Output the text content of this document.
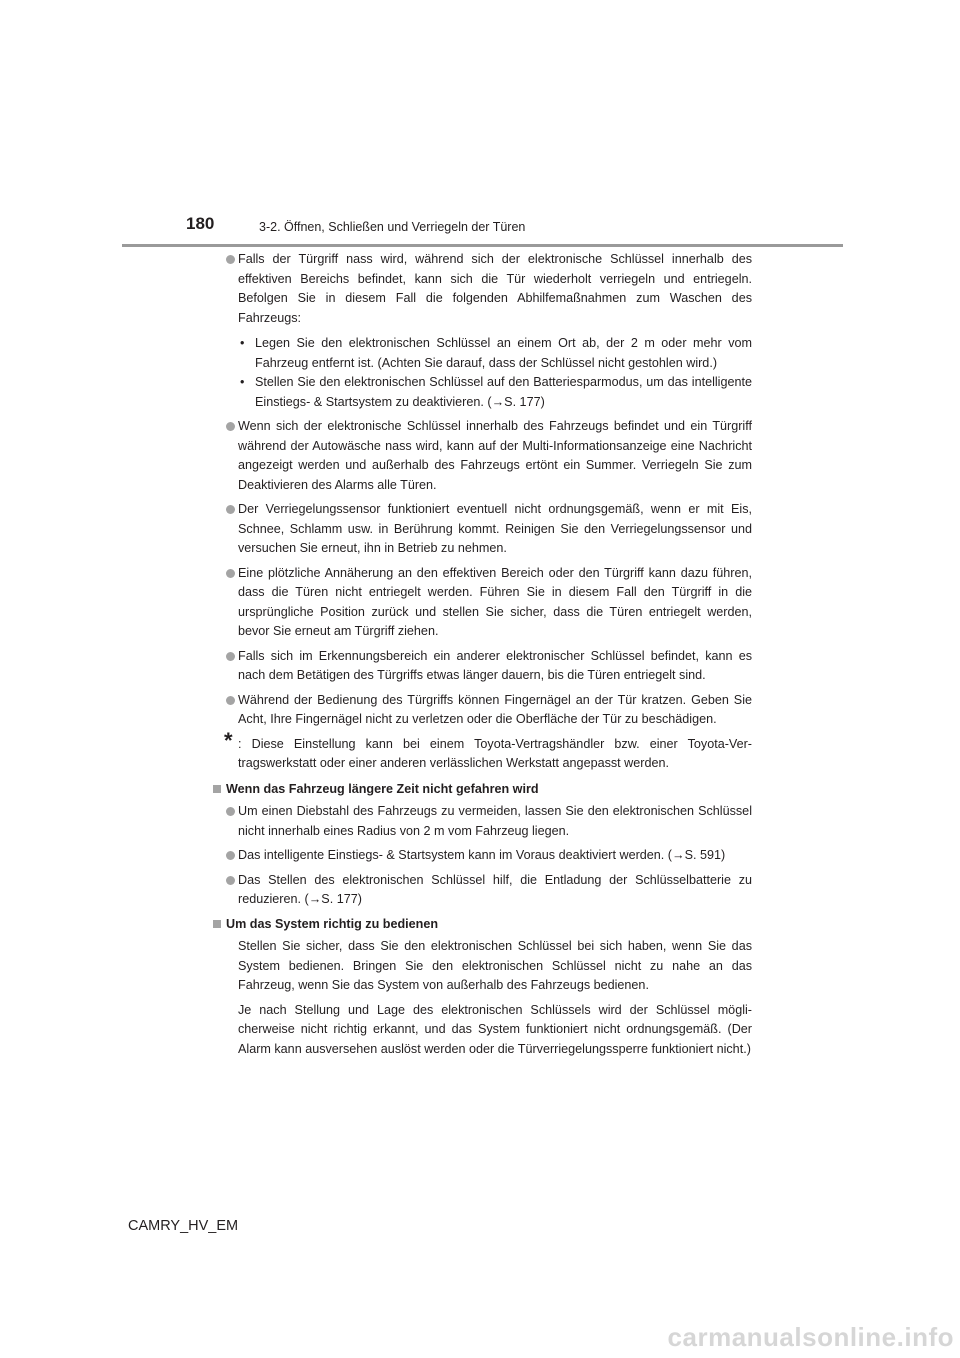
180	3-2. Öffnen, Schließen und Verriegeln der Türen
Falls der Türgriff nass wird, während sich der elektronische Schlüssel innerhalb des effektiven Bereichs befindet, kann sich die Tür wiederholt verriegeln und entriegeln. Befolgen Sie in diesem Fall die folgenden Abhilfemaßnahmen zum Waschen des Fahrzeugs:
• Legen Sie den elektronischen Schlüssel an einem Ort ab, der 2 m oder mehr vom Fahrzeug entfernt ist. (Achten Sie darauf, dass der Schlüssel nicht gestohlen wird.)
• Stellen Sie den elektronischen Schlüssel auf den Batteriesparmodus, um das intelligente Einstiegs- & Startsystem zu deaktivieren. (→S. 177)
Wenn sich der elektronische Schlüssel innerhalb des Fahrzeugs befindet und ein Türgriff während der Autowäsche nass wird, kann auf der Multi-Informationsanzeige eine Nachricht angezeigt werden und außerhalb des Fahrzeugs ertönt ein Summer. Verriegeln Sie zum Deaktivieren des Alarms alle Türen.
Der Verriegelungssensor funktioniert eventuell nicht ordnungsgemäß, wenn er mit Eis, Schnee, Schlamm usw. in Berührung kommt. Reinigen Sie den Verriegelungssensor und versuchen Sie erneut, ihn in Betrieb zu nehmen.
Eine plötzliche Annäherung an den effektiven Bereich oder den Türgriff kann dazu führen, dass die Türen nicht entriegelt werden. Führen Sie in diesem Fall den Türgriff in die ursprüngliche Position zurück und stellen Sie sicher, dass die Türen entriegelt werden, bevor Sie erneut am Türgriff ziehen.
Falls sich im Erkennungsbereich ein anderer elektronischer Schlüssel befindet, kann es nach dem Betätigen des Türgriffs etwas länger dauern, bis die Türen entriegelt sind.
Während der Bedienung des Türgriffs können Fingernägel an der Tür kratzen. Geben Sie Acht, Ihre Fingernägel nicht zu verletzen oder die Oberfläche der Tür zu beschädigen.
* : Diese Einstellung kann bei einem Toyota-Vertragshändler bzw. einer Toyota-Vertragswerkstatt oder einer anderen verlässlichen Werkstatt angepasst werden.
Wenn das Fahrzeug längere Zeit nicht gefahren wird
Um einen Diebstahl des Fahrzeugs zu vermeiden, lassen Sie den elektronischen Schlüssel nicht innerhalb eines Radius von 2 m vom Fahrzeug liegen.
Das intelligente Einstiegs- & Startsystem kann im Voraus deaktiviert werden. (→S. 591)
Das Stellen des elektronischen Schlüssel hilf, die Entladung der Schlüsselbatterie zu reduzieren. (→S. 177)
Um das System richtig zu bedienen
Stellen Sie sicher, dass Sie den elektronischen Schlüssel bei sich haben, wenn Sie das System bedienen. Bringen Sie den elektronischen Schlüssel nicht zu nahe an das Fahrzeug, wenn Sie das System von außerhalb des Fahrzeugs bedienen.
Je nach Stellung und Lage des elektronischen Schlüssels wird der Schlüssel möglicherweise nicht richtig erkannt, und das System funktioniert nicht ordnungsgemäß. (Der Alarm kann ausversehen auslöst werden oder die Türverriegelungssperre funktioniert nicht.)
CAMRY_HV_EM
carmanualsonline.info
